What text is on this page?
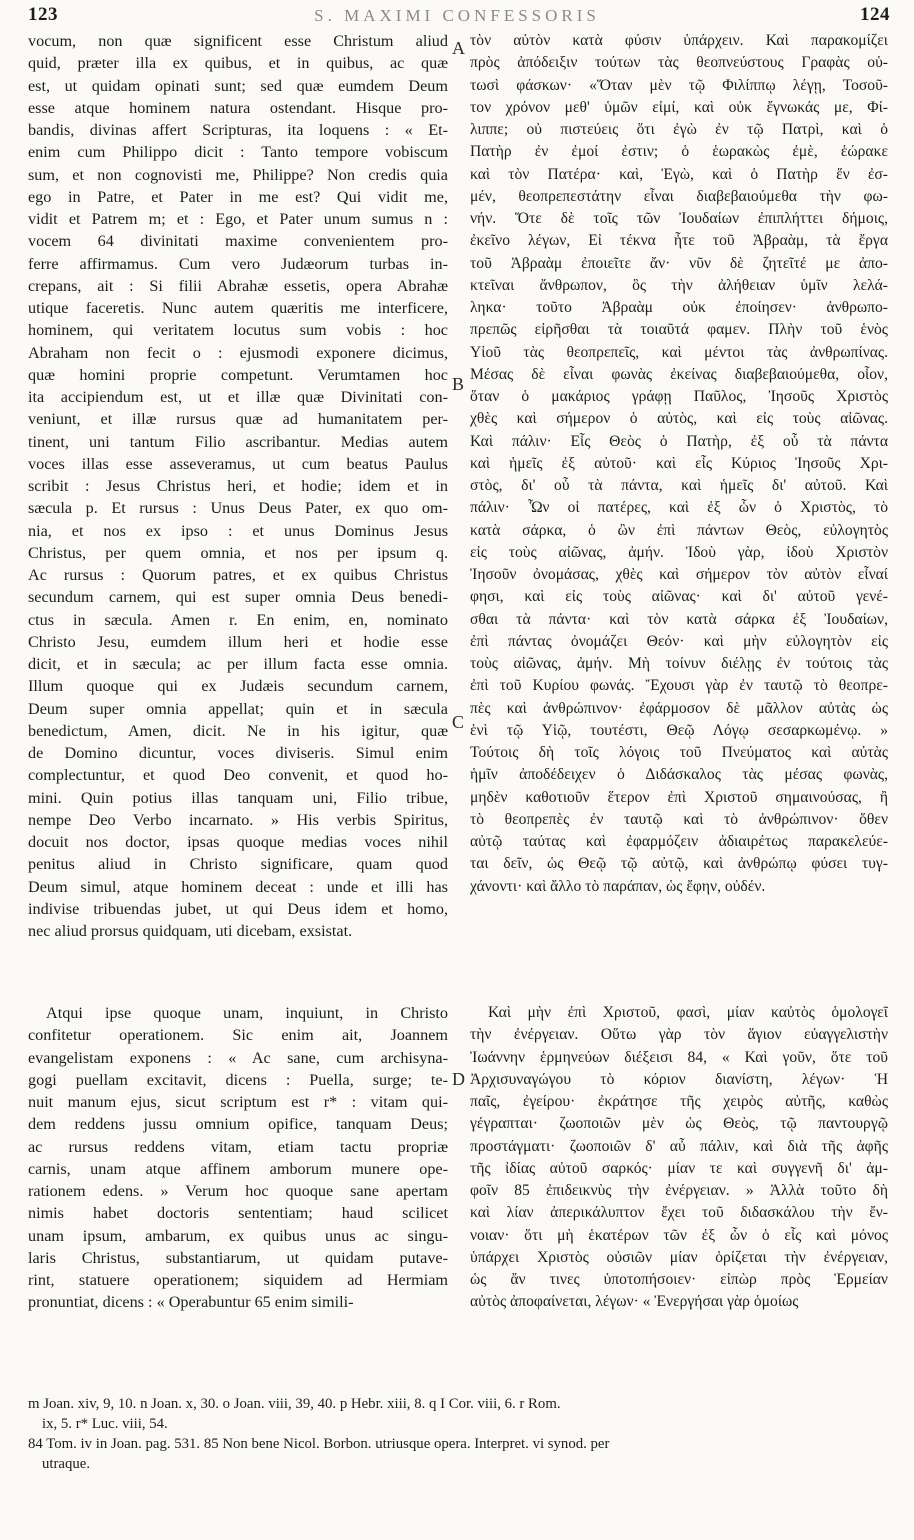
123	S. MAXIMI CONFESSORIS	124
vocum, non quæ significent esse Christum aliud
quid, præter illa ex quibus, et in quibus, ac quæ
est, ut quidam opinati sunt; sed quæ eumdem Deum
esse atque hominem natura ostendant. Hisque pro-
bandis, divinas affert Scripturas, ita loquens : « Et-
enim cum Philippo dicit : Tanto tempore vobiscum
sum, et non cognovisti me, Philippe? Non credis quia
ego in Patre, et Pater in me est? Qui vidit me,
vidit et Patrem m; et : Ego, et Pater unum sumus n :
vocem 64 divinitati maxime convenientem pro-
ferre affirmamus. Cum vero Judæorum turbas in-
crepans, ait : Si filii Abrahæ essetis, opera Abrahæ
utique faceretis. Nunc autem quæritis me interficere,
hominem, qui veritatem locutus sum vobis : hoc
Abraham non fecit o : ejusmodi exponere dicimus,
quæ homini proprie competunt. Verumtamen hoc
ita accipiendum est, ut et illæ quæ Divinitati con-
veniunt, et illæ rursus quæ ad humanitatem per-
tinent, uni tantum Filio ascribantur. Medias autem
voces illas esse asseveramus, ut cum beatus Paulus
scribit : Jesus Christus heri, et hodie; idem et in
sæcula p. Et rursus : Unus Deus Pater, ex quo om-
nia, et nos ex ipso : et unus Dominus Jesus
Christus, per quem omnia, et nos per ipsum q.
Ac rursus : Quorum patres, et ex quibus Christus
secundum carnem, qui est super omnia Deus benedi-
ctus in sæcula. Amen r. En enim, en, nominato
Christo Jesu, eumdem illum heri et hodie esse
dicit, et in sæcula; ac per illum facta esse omnia.
Illum quoque qui ex Judæis secundum carnem,
Deum super omnia appellat; quin et in sæcula
benedictum, Amen, dicit. Ne in his igitur, quæ
de Domino dicuntur, voces diviseris. Simul enim
complectuntur, et quod Deo convenit, et quod ho-
mini. Quin potius illas tanquam uni, Filio tribue,
nempe Deo Verbo incarnato. » His verbis Spiritus,
docuit nos doctor, ipsas quoque medias voces nihil
penitus aliud in Christo significare, quam quod
Deum simul, atque hominem deceat : unde et illi has
indivise tribuendas jubet, ut qui Deus idem et homo,
nec aliud prorsus quidquam, uti dicebam, exsistat.
τὸν αὐτὸν κατὰ φύσιν ὑπάρχειν. Καὶ παρακομίζει
πρὸς ἀπόδειξιν τούτων τὰς θεοπνεύστους Γραφὰς οὑ-
τωσὶ φάσκων· «Ὅταν μὲν τῷ Φιλίππῳ λέγῃ, Τοσοῦ-
τον χρόνον μεθ' ὑμῶν εἰμί, καὶ οὐκ ἔγνωκάς με, Φί-
λιππε; οὐ πιστεύεις ὅτι ἐγὼ ἐν τῷ Πατρὶ, καὶ ὁ
Πατὴρ ἐν ἐμοί ἐστιν; ὁ ἑωρακὼς ἐμὲ, ἑώρακε
καὶ τὸν Πατέρα· καὶ, Ἐγὼ, καὶ ὁ Πατὴρ ἕν ἐσ-
μέν, θεοπρεπεστάτην εἶναι διαβεβαιούμεθα τὴν φω-
νήν. Ὅτε δὲ τοῖς τῶν Ἰουδαίων ἐπιπλήττει δήμοις,
ἐκεῖνο λέγων, Εἰ τέκνα ἦτε τοῦ Ἀβραὰμ, τὰ ἔργα
τοῦ Ἀβραὰμ ἐποιεῖτε ἄν· νῦν δὲ ζητεῖτέ με ἀπο-
κτεῖναι ἄνθρωπον, ὃς τὴν ἀλήθειαν ὑμῖν λελά-
ληκα· τοῦτο Ἀβραὰμ οὐκ ἐποίησεν· ἀνθρωπο-
πρεπῶς εἰρῆσθαι τὰ τοιαῦτά φαμεν. Πλὴν τοῦ ἑνὸς
Υἱοῦ τὰς θεοπρεπεῖς, καὶ μέντοι τὰς ἀνθρωπίνας.
Μέσας δὲ εἶναι φωνὰς ἐκείνας διαβεβαιούμεθα, οἷον,
ὅταν ὁ μακάριος γράφῃ Παῦλος, Ἰησοῦς Χριστὸς
χθὲς καὶ σήμερον ὁ αὐτὸς, καὶ εἰς τοὺς αἰῶνας.
Καὶ πάλιν· Εἷς Θεὸς ὁ Πατὴρ, ἐξ οὗ τὰ πάντα
καὶ ἡμεῖς ἐξ αὐτοῦ· καὶ εἷς Κύριος Ἰησοῦς Χρι-
στὸς, δι' οὗ τὰ πάντα, καὶ ἡμεῖς δι' αὐτοῦ. Καὶ
πάλιν· Ὧν οἱ πατέρες, καὶ ἐξ ὧν ὁ Χριστὸς, τὸ
κατὰ σάρκα, ὁ ὢν ἐπὶ πάντων Θεὸς, εὐλογητὸς
εἰς τοὺς αἰῶνας, ἀμήν. Ἰδοὺ γὰρ, ἰδοὺ Χριστὸν
Ἰησοῦν ὀνομάσας, χθὲς καὶ σήμερον τὸν αὐτὸν εἶναί
φησι, καὶ εἰς τοὺς αἰῶνας· καὶ δι' αὐτοῦ γενέ-
σθαι τὰ πάντα· καὶ τὸν κατὰ σάρκα ἐξ Ἰουδαίων,
ἐπὶ πάντας ὀνομάζει Θεόν· καὶ μὴν εὐλογητὸν εἰς
τοὺς αἰῶνας, ἀμήν. Μὴ τοίνυν διέλῃς ἐν τούτοις τὰς
ἐπὶ τοῦ Κυρίου φωνάς. Ἔχουσι γὰρ ἐν ταυτῷ τὸ θεοπρε-
πὲς καὶ ἀνθρώπινον· ἐφάρμοσον δὲ μᾶλλον αὐτὰς ὡς
ἑνὶ τῷ Υἱῷ, τουτέστι, Θεῷ Λόγῳ σεσαρκωμένῳ. »
Τούτοις δὴ τοῖς λόγοις τοῦ Πνεύματος καὶ αὐτὰς
ἡμῖν ἀποδέδειχεν ὁ Διδάσκαλος τὰς μέσας φωνὰς,
μηδὲν καθοτιοῦν ἕτερον ἐπὶ Χριστοῦ σημαινούσας, ἢ
τὸ θεοπρεπὲς ἐν ταυτῷ καὶ τὸ ἀνθρώπινον· ὅθεν
αὐτῷ ταύτας καὶ ἐφαρμόζειν ἀδιαιρέτως παρακελεύε-
ται δεῖν, ὡς Θεῷ τῷ αὐτῷ, καὶ ἀνθρώπῳ φύσει τυγ-
χάνοντι· καὶ ἄλλο τὸ παράπαν, ὡς ἔφην, οὐδέν.
Atqui ipse quoque unam, inquiunt, in Christo
confitetur operationem. Sic enim ait, Joannem
evangelistam exponens : « Ac sane, cum archisyna-
gogi puellam excitavit, dicens : Puella, surge; te-
nuit manum ejus, sicut scriptum est r* : vitam qui-
dem reddens jussu omnium opifice, tanquam Deus;
ac rursus reddens vitam, etiam tactu propriæ
carnis, unam atque affinem amborum munere ope-
rationem edens. » Verum hoc quoque sane apertam
nimis habet doctoris sententiam; haud scilicet
unam ipsum, ambarum, ex quibus unus ac singu-
laris Christus, substantiarum, ut quidam putave-
rint, statuere operationem; siquidem ad Hermiam
pronuntiat, dicens : « Operabuntur 65 enim simili-
Καὶ μὴν ἐπὶ Χριστοῦ, φασὶ, μίαν καὐτὸς ὁμολογεῖ
τὴν ἐνέργειαν. Οὕτω γὰρ τὸν ἅγιον εὐαγγελιστὴν
Ἰωάννην ἑρμηνεύων διέξεισι 84, « Καὶ γοῦν, ὅτε τοῦ
Ἀρχισυναγώγου τὸ κόριον διανίστη, λέγων· Ἡ
παῖς, ἐγείρου· ἐκράτησε τῆς χειρὸς αὐτῆς, καθὼς
γέγραπται· ζωοποιῶν μὲν ὡς Θεὸς, τῷ παντουργῷ
προστάγματι· ζωοποιῶν δ' αὖ πάλιν, καὶ διὰ τῆς ἀφῆς
τῆς ἰδίας αὐτοῦ σαρκός· μίαν τε καὶ συγγενῆ δι' ἀμ-
φοῖν 85 ἐπιδεικνὺς τὴν ἐνέργειαν. » Ἀλλὰ τοῦτο δὴ
καὶ λίαν ἀπερικάλυπτον ἔχει τοῦ διδασκάλου τὴν ἔν-
νοιαν· ὅτι μὴ ἑκατέρων τῶν ἐξ ὧν ὁ εἷς καὶ μόνος
ὑπάρχει Χριστὸς οὐσιῶν μίαν ὁρίζεται τὴν ἐνέργειαν,
ὡς ἄν τινες ὑποτοπήσοιεν· εἰπὼρ πρὸς Ἑρμείαν
αὐτὸς ἀποφαίνεται, λέγων· « Ἐνεργήσαι γὰρ ὁμοίως
A
B
C
D
m Joan. xiv, 9, 10. n Joan. x, 30. o Joan. viii, 39, 40. p Hebr. xiii, 8. q I Cor. viii, 6. r Rom.
ix, 5. r* Luc. viii, 54.
84 Tom. iv in Joan. pag. 531. 85 Non bene Nicol. Borbon. utriusque opera. Interpret. vi synod. per
utraque.
